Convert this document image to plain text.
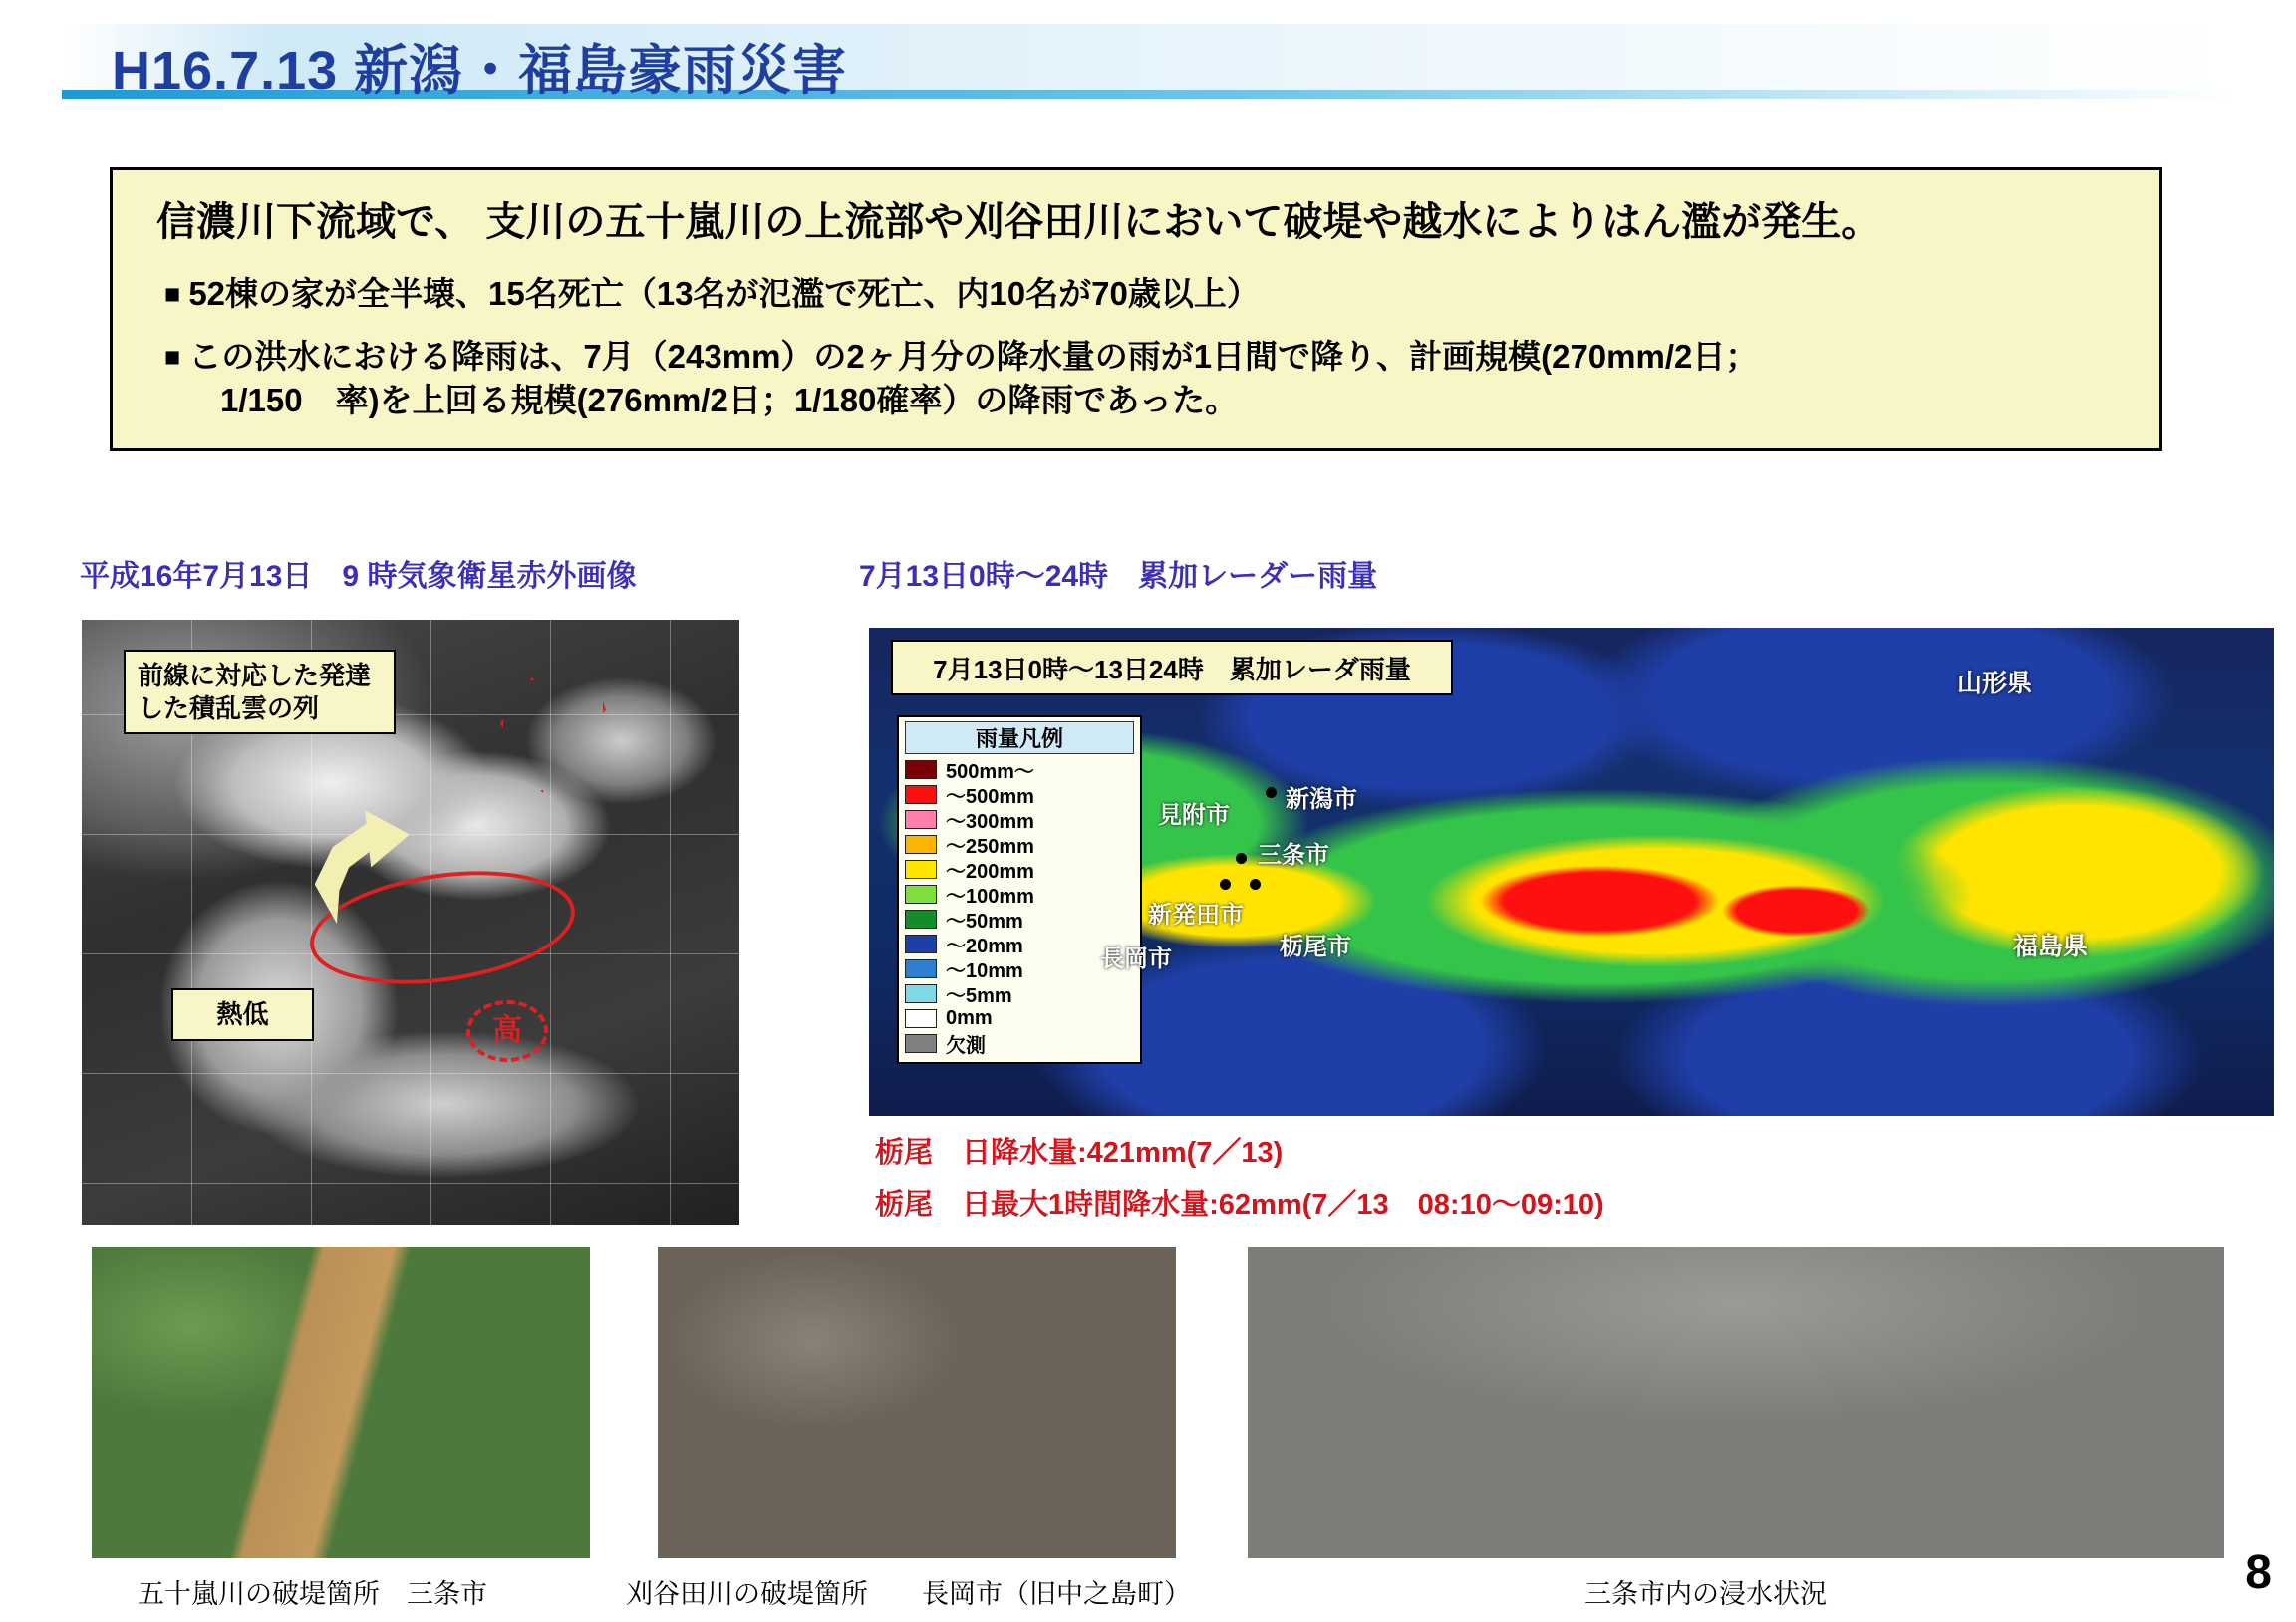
H16.7.13 新潟・福島豪雨災害
信濃川下流域で、 支川の五十嵐川の上流部や刈谷田川において破堤や越水によりはん濫が発生。
■ 52棟の家が全半壊、15名死亡（13名が氾濫で死亡、内10名が70歳以上）
■ この洪水における降雨は、7月（243mm）の2ヶ月分の降水量の雨が1日間で降り、計画規模(270mm/2日；
1/150　率)を上回る規模(276mm/2日；1/180確率）の降雨であった。
平成16年7月13日　9 時気象衛星赤外画像	7月13日0時〜24時　累加レーダー雨量
高
前線に対応した発達した積乱雲の列
熱低
7月13日0時〜13日24時　累加レーダ雨量
雨量凡例
500mm〜
〜500mm
〜300mm
〜250mm
〜200mm
〜100mm
〜50mm
〜20mm
〜10mm
〜5mm
0mm
欠測
見附市
新潟市
三条市
新発田市
長岡市	栃尾市
山形県
福島県
栃尾　日降水量:421mm(7／13)
栃尾　日最大1時間降水量:62mm(7／13　08:10〜09:10)
五十嵐川の破堤箇所　三条市	刈谷田川の破堤箇所　　長岡市（旧中之島町）	三条市内の浸水状況	8
